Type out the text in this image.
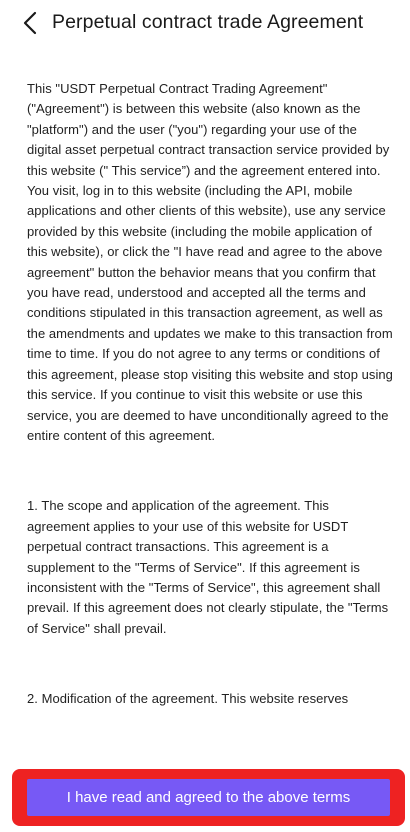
Perpetual contract trade Agreement

This "USDT Perpetual Contract Trading Agreement" ("Agreement") is between this website (also known as the "platform") and the user ("you") regarding your use of the digital asset perpetual contract transaction service provided by this website (" This service”) and the agreement entered into. You visit, log in to this website (including the API, mobile applications and other clients of this website), use any service provided by this website (including the mobile application of this website), or click the "I have read and agree to the above agreement" button the behavior means that you confirm that you have read, understood and accepted all the terms and conditions stipulated in this transaction agreement, as well as the amendments and updates we make to this transaction from time to time. If you do not agree to any terms or conditions of this agreement, please stop visiting this website and stop using this service. If you continue to visit this website or use this service, you are deemed to have unconditionally agreed to the entire content of this agreement.

1. The scope and application of the agreement. This agreement applies to your use of this website for USDT perpetual contract transactions. This agreement is a supplement to the "Terms of Service". If this agreement is inconsistent with the "Terms of Service", this agreement shall prevail. If this agreement does not clearly stipulate, the "Terms of Service" shall prevail.

2. Modification of the agreement. This website reserves

I have read and agreed to the above terms
